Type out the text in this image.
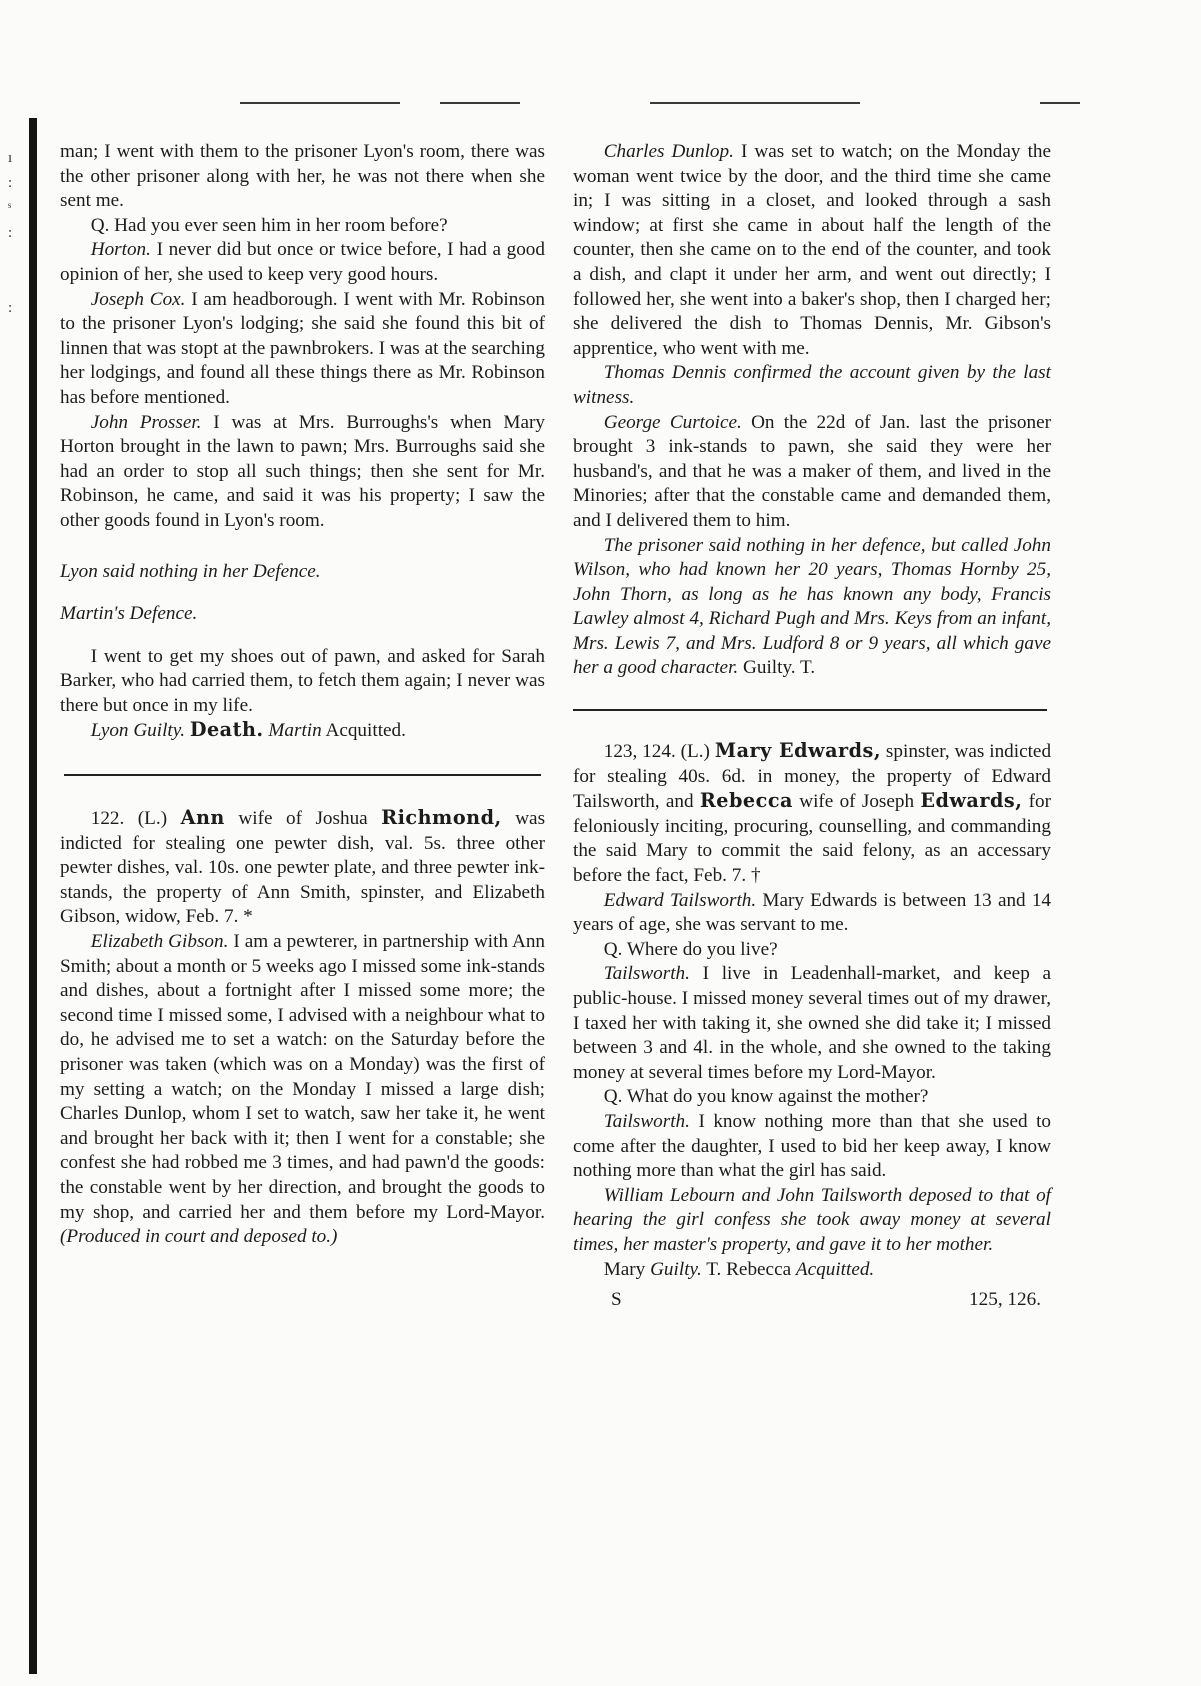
ı
:
ˢ
:
:

man; I went with them to the prisoner Lyon's room, there was the other prisoner along with her, he was not there when she sent me.

Q. Had you ever seen him in her room before?

Horton. I never did but once or twice before, I had a good opinion of her, she used to keep very good hours.

Joseph Cox. I am headborough. I went with Mr. Robinson to the prisoner Lyon's lodging; she said she found this bit of linnen that was stopt at the pawnbrokers. I was at the searching her lodgings, and found all these things there as Mr. Robinson has before mentioned.

John Prosser. I was at Mrs. Burroughs's when Mary Horton brought in the lawn to pawn; Mrs. Burroughs said she had an order to stop all such things; then she sent for Mr. Robinson, he came, and said it was his property; I saw the other goods found in Lyon's room.

Lyon said nothing in her Defence.

Martin's Defence.

I went to get my shoes out of pawn, and asked for Sarah Barker, who had carried them, to fetch them again; I never was there but once in my life.

Lyon Guilty. Death. Martin Acquitted.

122. (L.) Ann wife of Joshua Richmond, was indicted for stealing one pewter dish, val. 5s. three other pewter dishes, val. 10s. one pewter plate, and three pewter ink-stands, the property of Ann Smith, spinster, and Elizabeth Gibson, widow, Feb. 7. *

Elizabeth Gibson. I am a pewterer, in partnership with Ann Smith; about a month or 5 weeks ago I missed some ink-stands and dishes, about a fortnight after I missed some more; the second time I missed some, I advised with a neighbour what to do, he advised me to set a watch: on the Saturday before the prisoner was taken (which was on a Monday) was the first of my setting a watch; on the Monday I missed a large dish; Charles Dunlop, whom I set to watch, saw her take it, he went and brought her back with it; then I went for a constable; she confest she had robbed me 3 times, and had pawn'd the goods: the constable went by her direction, and brought the goods to my shop, and carried her and them before my Lord-Mayor. (Produced in court and deposed to.)

Charles Dunlop. I was set to watch; on the Monday the woman went twice by the door, and the third time she came in; I was sitting in a closet, and looked through a sash window; at first she came in about half the length of the counter, then she came on to the end of the counter, and took a dish, and clapt it under her arm, and went out directly; I followed her, she went into a baker's shop, then I charged her; she delivered the dish to Thomas Dennis, Mr. Gibson's apprentice, who went with me.

Thomas Dennis confirmed the account given by the last witness.

George Curtoice. On the 22d of Jan. last the prisoner brought 3 ink-stands to pawn, she said they were her husband's, and that he was a maker of them, and lived in the Minories; after that the constable came and demanded them, and I delivered them to him.

The prisoner said nothing in her defence, but called John Wilson, who had known her 20 years, Thomas Hornby 25, John Thorn, as long as he has known any body, Francis Lawley almost 4, Richard Pugh and Mrs. Keys from an infant, Mrs. Lewis 7, and Mrs. Ludford 8 or 9 years, all which gave her a good character. Guilty. T.

123, 124. (L.) Mary Edwards, spinster, was indicted for stealing 40s. 6d. in money, the property of Edward Tailsworth, and Rebecca wife of Joseph Edwards, for feloniously inciting, procuring, counselling, and commanding the said Mary to commit the said felony, as an accessary before the fact, Feb. 7. †

Edward Tailsworth. Mary Edwards is between 13 and 14 years of age, she was servant to me.

Q. Where do you live?

Tailsworth. I live in Leadenhall-market, and keep a public-house. I missed money several times out of my drawer, I taxed her with taking it, she owned she did take it; I missed between 3 and 4l. in the whole, and she owned to the taking money at several times before my Lord-Mayor.

Q. What do you know against the mother?

Tailsworth. I know nothing more than that she used to come after the daughter, I used to bid her keep away, I know nothing more than what the girl has said.

William Lebourn and John Tailsworth deposed to that of hearing the girl confess she took away money at several times, her master's property, and gave it to her mother.

Mary Guilty. T. Rebecca Acquitted.

S	125, 126.
